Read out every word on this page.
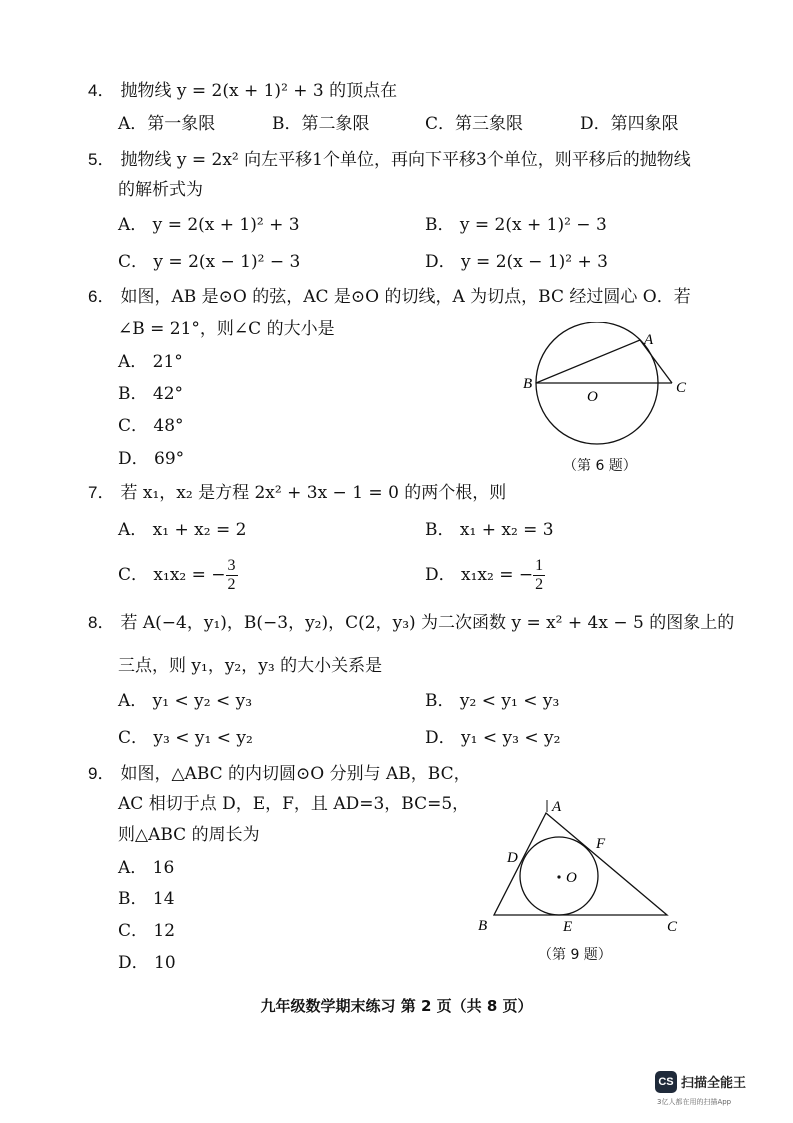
4． 抛物线 y = 2(x + 1)² + 3 的顶点在
A．第一象限	B．第二象限	C．第三象限	D．第四象限
5． 抛物线 y = 2x² 向左平移1个单位，再向下平移3个单位，则平移后的抛物线
的解析式为
A． y = 2(x + 1)² + 3	B． y = 2(x + 1)² − 3
C． y = 2(x − 1)² − 3	D． y = 2(x − 1)² + 3
6． 如图，AB 是⊙O 的弦，AC 是⊙O 的切线，A 为切点，BC 经过圆心 O．若
∠B = 21°，则∠C 的大小是
A． 21°
B． 42°
C． 48°
D． 69°
A
B	C
O
（第 6 题）
7． 若 x₁，x₂ 是方程 2x² + 3x − 1 = 0 的两个根，则
A． x₁ + x₂ = 2	B． x₁ + x₂ = 3
C． x₁x₂ = − $\frac{3}{2}$	D． x₁x₂ = − $\frac{1}{2}$
8． 若 A(−4，y₁)，B(−3，y₂)，C(2，y₃) 为二次函数 y = x² + 4x − 5 的图象上的
三点，则 y₁，y₂，y₃ 的大小关系是
A． y₁ < y₂ < y₃	B． y₂ < y₁ < y₃
C． y₃ < y₁ < y₂	D． y₁ < y₃ < y₂
9． 如图，△ABC 的内切圆⊙O 分别与 AB，BC，
AC 相切于点 D，E，F，且 AD=3，BC=5，
则△ABC 的周长为
A． 16
B． 14
C． 12
D． 10
A
B	C
D
E
F
O
（第 9 题）
九年级数学期末练习 第 2 页（共 8 页）
CS 扫描全能王
3亿人都在用的扫描App
